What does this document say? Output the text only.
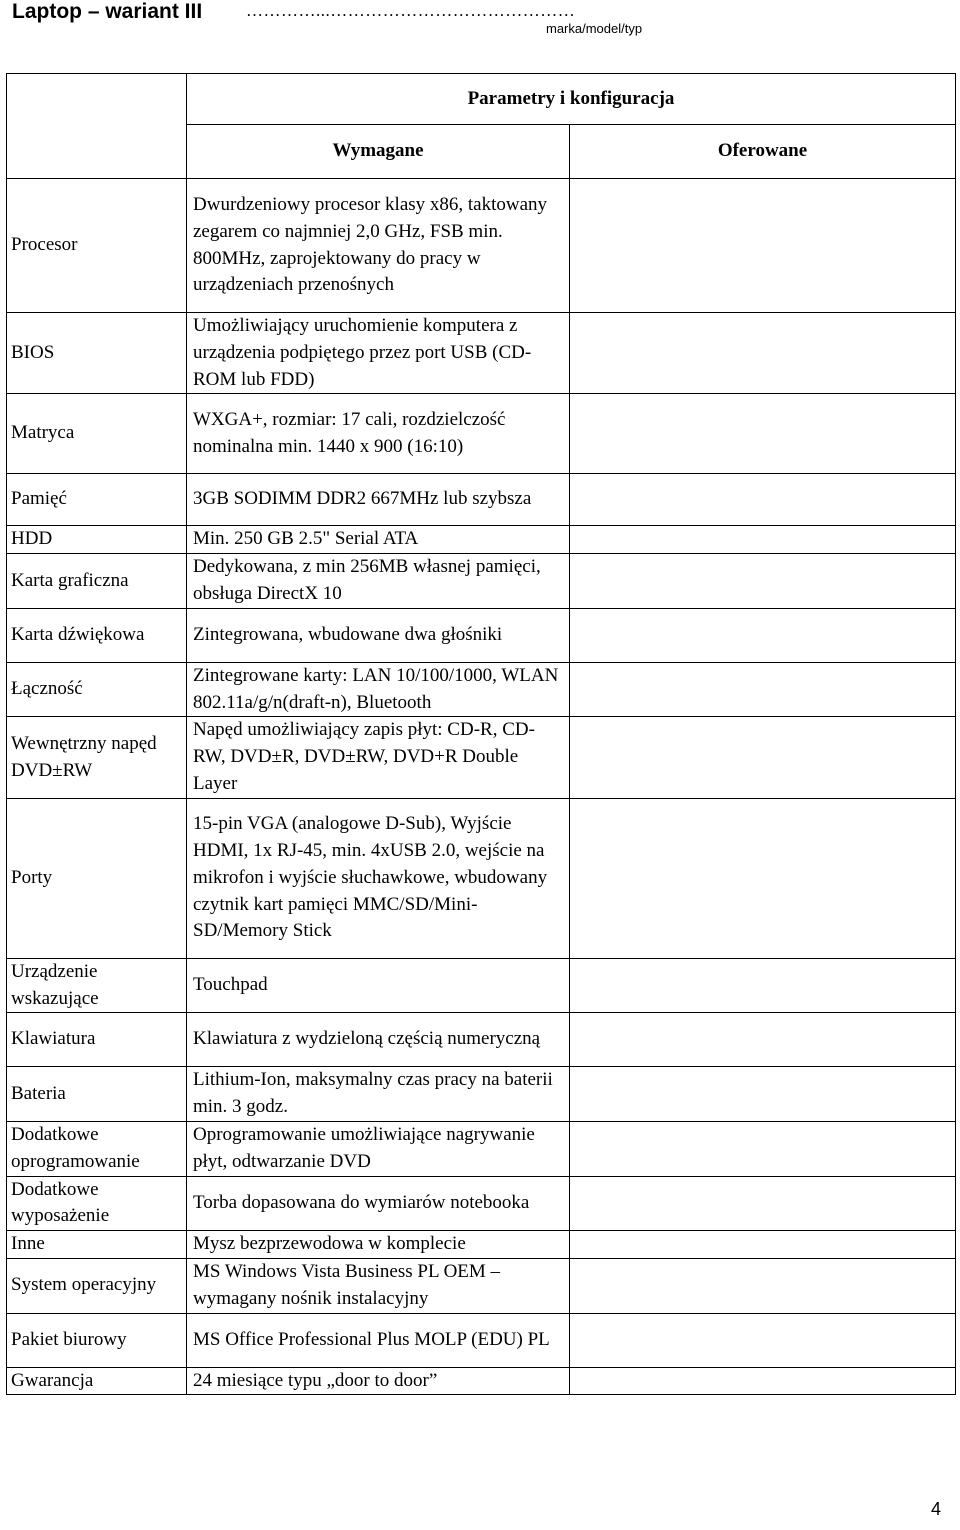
Laptop – wariant III	…………...……………………………………
marka/model/typ
	Parametry i konfiguracja	
	Wymagane	Oferowane
Procesor	Dwurdzeniowy procesor klasy x86, taktowany zegarem co najmniej 2,0 GHz, FSB min. 800MHz, zaprojektowany do pracy w urządzeniach przenośnych	
BIOS	Umożliwiający uruchomienie komputera z urządzenia podpiętego przez port USB (CD-ROM lub FDD)	
Matryca	WXGA+, rozmiar: 17 cali, rozdzielczość nominalna min. 1440 x 900 (16:10)	
Pamięć	3GB SODIMM DDR2 667MHz lub szybsza	
HDD	Min. 250 GB 2.5" Serial ATA	
Karta graficzna	Dedykowana, z min 256MB własnej pamięci, obsługa DirectX 10	
Karta dźwiękowa	Zintegrowana, wbudowane dwa głośniki	
Łączność	Zintegrowane karty: LAN 10/100/1000, WLAN 802.11a/g/n(draft-n), Bluetooth	
Wewnętrzny napęd DVD±RW	Napęd umożliwiający zapis płyt: CD-R, CD-RW, DVD±R, DVD±RW, DVD+R Double Layer	
Porty	15-pin VGA (analogowe D-Sub), Wyjście HDMI, 1x RJ-45, min. 4xUSB 2.0, wejście na mikrofon i wyjście słuchawkowe, wbudowany czytnik kart pamięci MMC/SD/Mini-SD/Memory Stick	
Urządzenie wskazujące	Touchpad	
Klawiatura	Klawiatura z wydzieloną częścią numeryczną	
Bateria	Lithium-Ion, maksymalny czas pracy na baterii min. 3 godz.	
Dodatkowe oprogramowanie	Oprogramowanie umożliwiające nagrywanie płyt, odtwarzanie DVD	
Dodatkowe wyposażenie	Torba dopasowana do wymiarów notebooka	
Inne	Mysz bezprzewodowa w komplecie	
System operacyjny	MS Windows Vista Business PL OEM – wymagany nośnik instalacyjny	
Pakiet biurowy	MS Office Professional Plus MOLP (EDU) PL	
Gwarancja	24 miesiące typu „door to door”	
4
